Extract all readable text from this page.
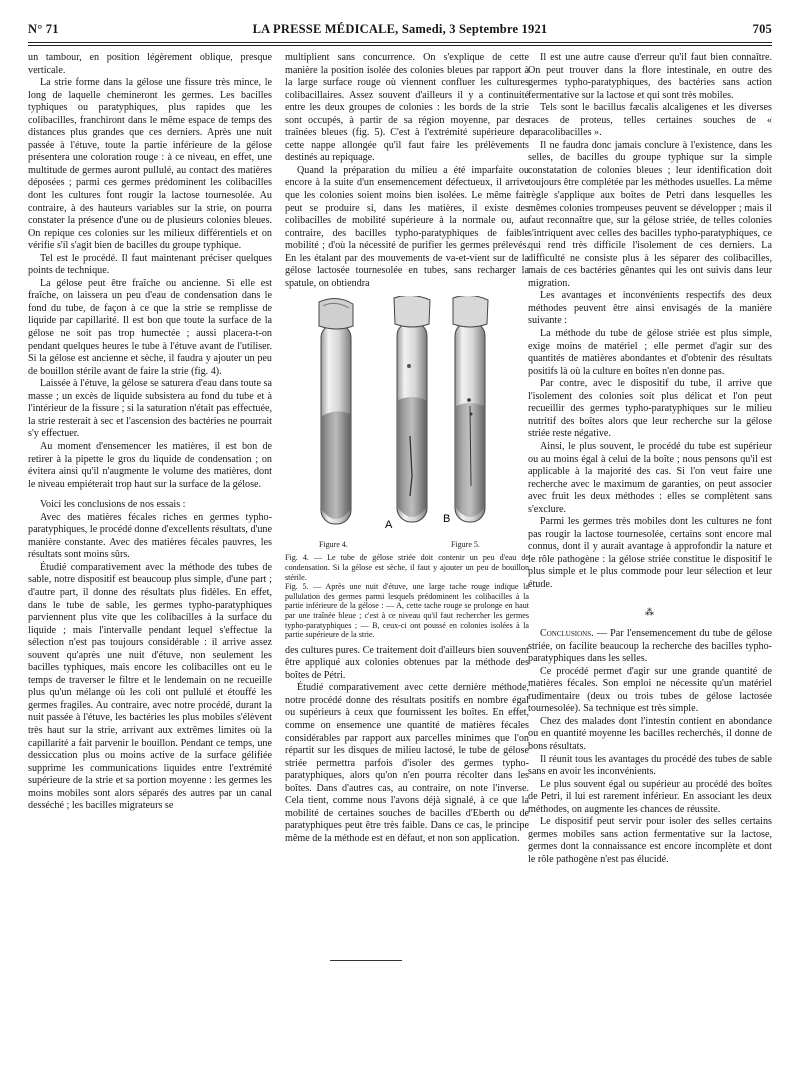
N° 71	LA PRESSE MÉDICALE, Samedi, 3 Septembre 1921	705

un tambour, en position légèrement oblique, presque verticale.

La strie forme dans la gélose une fissure très mince, le long de laquelle chemineront les germes. Les bacilles typhiques ou paratyphiques, plus rapides que les colibacilles, franchiront dans le même espace de temps des distances plus grandes que ces derniers. Après une nuit passée à l'étuve, toute la partie inférieure de la gélose présentera une coloration rouge : à ce niveau, en effet, une multitude de germes auront pullulé, au contact des matières déposées ; parmi ces germes prédominent les colibacilles dont les cultures font rougir la lactose tournesolée. Au contraire, à des hauteurs variables sur la strie, on pourra constater la présence d'une ou de plusieurs colonies bleues. On repique ces colonies sur les milieux différentiels et on vérifie s'il s'agit bien de bacilles du groupe typhique.

Tel est le procédé. Il faut maintenant préciser quelques points de technique.

La gélose peut être fraîche ou ancienne. Si elle est fraîche, on laissera un peu d'eau de condensation dans le fond du tube, de façon à ce que la strie se remplisse de liquide par capillarité. Il est bon que toute la surface de la gélose ne soit pas trop humectée ; aussi placera-t-on pendant quelques heures le tube à l'étuve avant de l'utiliser. Si la gélose est ancienne et sèche, il faudra y ajouter un peu de bouillon stérile avant de faire la strie (fig. 4).

Laissée à l'étuve, la gélose se saturera d'eau dans toute sa masse ; un excès de liquide subsistera au fond du tube et à l'intérieur de la fissure ; si la saturation n'était pas effectuée, la strie resterait à sec et l'ascension des bactéries ne pourrait s'y effectuer.

Au moment d'ensemencer les matières, il est bon de retirer à la pipette le gros du liquide de condensation ; on évitera ainsi qu'il n'augmente le volume des matières, dont le niveau empiéterait trop haut sur la surface de la gélose.

Voici les conclusions de nos essais :

Avec des matières fécales riches en germes typho-paratyphiques, le procédé donne d'excellents résultats, d'une manière constante. Avec des matières fécales pauvres, les résultats sont moins sûrs.

Étudié comparativement avec la méthode des tubes de sable, notre dispositif est beaucoup plus simple, d'une part ; d'autre part, il donne des résultats plus fidèles. En effet, dans le tube de sable, les germes typho-paratyphiques parviennent plus vite que les colibacilles à la surface du liquide ; mais l'intervalle pendant lequel s'effectue la sélection n'est pas toujours considérable : il arrive assez souvent qu'après une nuit d'étuve, non seulement les bacilles typhiques, mais encore les colibacilles ont eu le temps de traverser le filtre et le lendemain on ne recueille plus qu'un mélange où les coli ont pullulé et étouffé les germes fragiles. Au contraire, avec notre procédé, durant la nuit passée à l'étuve, les bactéries les plus mobiles s'élèvent très haut sur la strie, arrivant aux extrêmes limites où la capillarité a fait parvenir le bouillon. Pendant ce temps, une dessiccation plus ou moins active de la surface gélifiée supprime les communications liquides entre l'extrémité supérieure de la strie et sa portion moyenne : les germes les moins mobiles sont alors séparés des autres par un canal desséché ; les bacilles migrateurs se

multiplient sans concurrence. On s'explique de cette manière la position isolée des colonies bleues par rapport à la large surface rouge où viennent confluer les cultures colibacillaires. Assez souvent d'ailleurs il y a continuité entre les deux groupes de colonies : les bords de la strie sont occupés, à partir de sa région moyenne, par des traînées bleues (fig. 5). C'est à l'extrémité supérieure de cette nappe allongée qu'il faut faire les prélèvements destinés au repiquage.

Quand la préparation du milieu a été imparfaite ou encore à la suite d'un ensemencement défectueux, il arrive que les colonies soient moins bien isolées. Le même fait peut se produire si, dans les matières, il existe des colibacilles de mobilité supérieure à la normale ou, au contraire, des bacilles typho-paratyphiques de faible mobilité ; d'où la nécessité de purifier les germes prélevés. En les étalant par des mouvements de va-et-vient sur de la gélose lactosée tournesolée en tubes, sans recharger la spatule, on obtiendra

A	B
Figure 4.	Figure 5.

Fig. 4. — Le tube de gélose striée doit contenir un peu d'eau de condensation. Si la gélose est sèche, il faut y ajouter un peu de bouillon stérile.

Fig. 5. — Après une nuit d'étuve, une large tache rouge indique la pullulation des germes parmi lesquels prédominent les colibacilles à la partie inférieure de la gélose : — A, cette tache rouge se prolonge en haut par une traînée bleue ; c'est à ce niveau qu'il faut rechercher les germes typho-paratyphiques ; — B, ceux-ci ont poussé en colonies isolées à la partie supérieure de la strie.

des cultures pures. Ce traitement doit d'ailleurs bien souvent être appliqué aux colonies obtenues par la méthode des boîtes de Pétri.

Étudié comparativement avec cette dernière méthode, notre procédé donne des résultats positifs en nombre égal ou supérieurs à ceux que fournissent les boîtes. En effet, comme on ensemence une quantité de matières fécales considérables par rapport aux parcelles minimes que l'on répartit sur les disques de milieu lactosé, le tube de gélose striée permettra parfois d'isoler des germes typho-paratyphiques, alors qu'on n'en pourra récolter dans les boîtes. Dans d'autres cas, au contraire, on note l'inverse. Cela tient, comme nous l'avons déjà signalé, à ce que la mobilité de certaines souches de bacilles d'Eberth ou de paratyphiques peut être très faible. Dans ce cas, le principe même de la méthode est en défaut, et non son application.

Il est une autre cause d'erreur qu'il faut bien connaître. On peut trouver dans la flore intestinale, en outre des germes typho-paratyphiques, des bactéries sans action fermentative sur la lactose et qui sont très mobiles.

Tels sont le bacillus fæcalis alcaligenes et les diverses races de proteus, telles certaines souches de « paracolibacilles ».

Il ne faudra donc jamais conclure à l'existence, dans les selles, de bacilles du groupe typhique sur la simple constatation de colonies bleues ; leur identification doit toujours être complétée par les méthodes usuelles. La même règle s'applique aux boîtes de Petri dans lesquelles les mêmes colonies trompeuses peuvent se développer ; mais il faut reconnaître que, sur la gélose striée, de telles colonies s'intriquent avec celles des bacilles typho-paratyphiques, ce qui rend très difficile l'isolement de ces derniers. La difficulté ne consiste plus à les séparer des colibacilles, mais de ces bactéries gênantes qui les ont suivis dans leur migration.

Les avantages et inconvénients respectifs des deux méthodes peuvent être ainsi envisagés de la manière suivante :

La méthode du tube de gélose striée est plus simple, exige moins de matériel ; elle permet d'agir sur des quantités de matières abondantes et d'obtenir des résultats positifs là où la culture en boîtes n'en donne pas.

Par contre, avec le dispositif du tube, il arrive que l'isolement des colonies soit plus délicat et l'on peut recueillir des germes typho-paratyphiques sur le milieu nutritif des boîtes alors que leur recherche sur la gélose striée reste négative.

Ainsi, le plus souvent, le procédé du tube est supérieur ou au moins égal à celui de la boîte ; nous pensons qu'il est applicable à la majorité des cas. Si l'on veut faire une recherche avec le maximum de garanties, on peut associer avec fruit les deux méthodes : elles se complètent sans s'exclure.

Parmi les germes très mobiles dont les cultures ne font pas rougir la lactose tournesolée, certains sont encore mal connus, dont il y aurait avantage à approfondir la nature et le rôle pathogène : la gélose striée constitue le dispositif le plus simple et le plus commode pour leur sélection et leur étude.

⁂

Conclusions. — Par l'ensemencement du tube de gélose striée, on facilite beaucoup la recherche des bacilles typho-paratyphiques dans les selles.

Ce procédé permet d'agir sur une grande quantité de matières fécales. Son emploi ne nécessite qu'un matériel rudimentaire (deux ou trois tubes de gélose lactosée tournesolée). Sa technique est très simple.

Chez des malades dont l'intestin contient en abondance ou en quantité moyenne les bacilles recherchés, il donne de bons résultats.

Il réunit tous les avantages du procédé des tubes de sable sans en avoir les inconvénients.

Le plus souvent égal ou supérieur au procédé des boîtes de Petri, il lui est rarement inférieur. En associant les deux méthodes, on augmente les chances de réussite.

Le dispositif peut servir pour isoler des selles certains germes mobiles sans action fermentative sur la lactose, germes dont la connaissance est encore incomplète et dont le rôle pathogène n'est pas élucidé.
